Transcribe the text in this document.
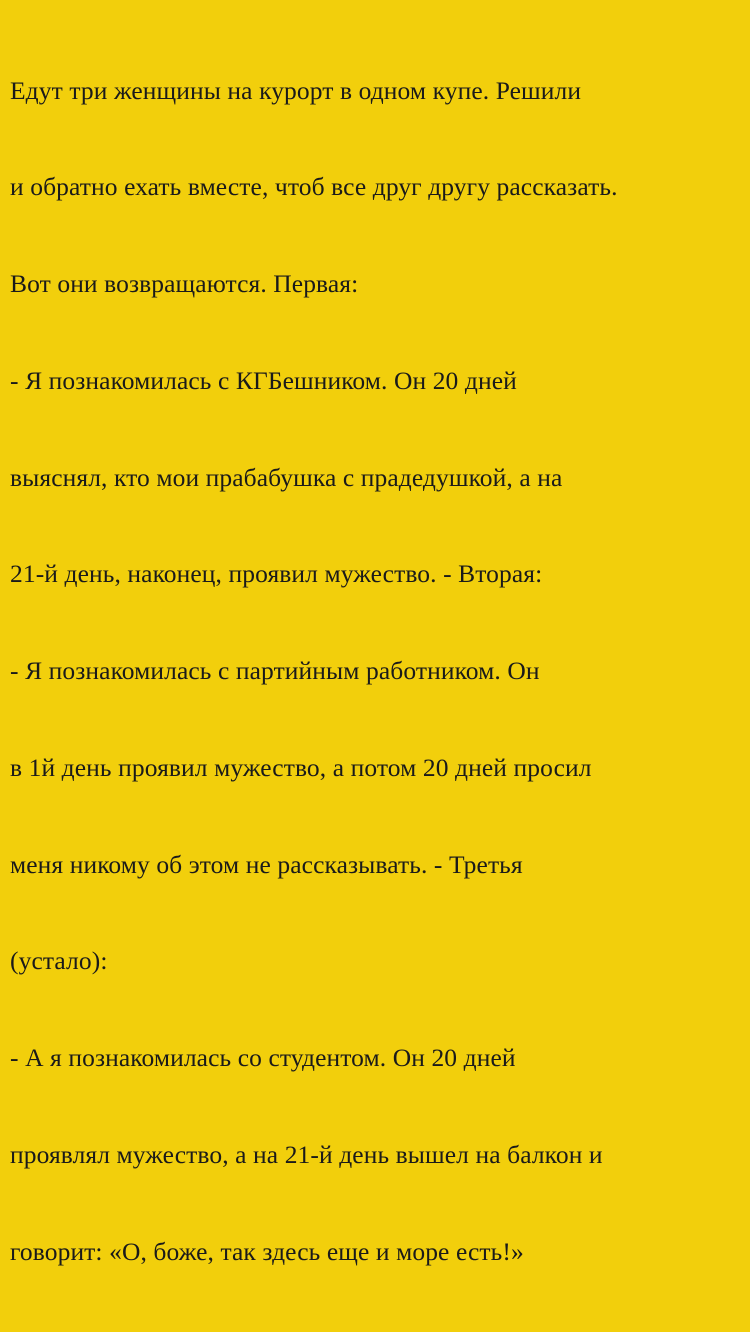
Едут три женщины на курорт в одном купе. Решили

и обратно ехать вместе, чтоб все друг другу рассказать.

Вот они возвращаются. Первая:

- Я познакомилась с КГБешником. Он 20 дней

выяснял, кто мои прабабушка с прадедушкой, а на

21-й день, наконец, проявил мужество. - Вторая:

- Я познакомилась с партийным работником. Он

в 1й день проявил мужество, а потом 20 дней просил

меня никому об этом не рассказывать. - Третья

(устало):

- А я познакомилась со студентом. Он 20 дней

проявлял мужество, а на 21-й день вышел на балкон и

говорит: «О, боже, так здесь еще и море есть!»
